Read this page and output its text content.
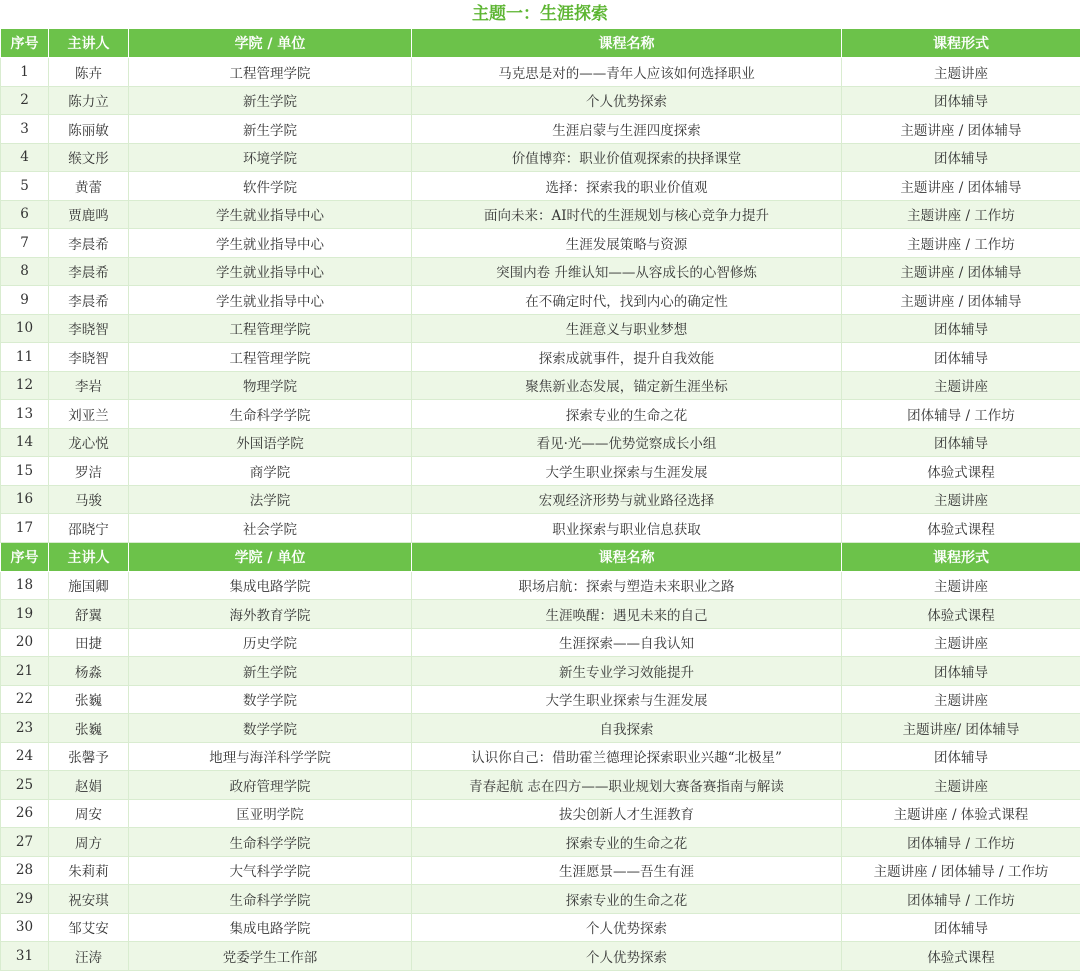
主题一：生涯探索
序号	主讲人	学院 / 单位	课程名称	课程形式
1	陈卉	工程管理学院	马克思是对的——青年人应该如何选择职业	主题讲座
2	陈力立	新生学院	个人优势探索	团体辅导
3	陈丽敏	新生学院	生涯启蒙与生涯四度探索	主题讲座 / 团体辅导
4	缑文彤	环境学院	价值博弈：职业价值观探索的抉择课堂	团体辅导
5	黄蕾	软件学院	选择：探索我的职业价值观	主题讲座 / 团体辅导
6	贾鹿鸣	学生就业指导中心	面向未来：AI时代的生涯规划与核心竞争力提升	主题讲座 / 工作坊
7	李晨希	学生就业指导中心	生涯发展策略与资源	主题讲座 / 工作坊
8	李晨希	学生就业指导中心	突围内卷 升维认知——从容成长的心智修炼	主题讲座 / 团体辅导
9	李晨希	学生就业指导中心	在不确定时代，找到内心的确定性	主题讲座 / 团体辅导
10	李晓智	工程管理学院	生涯意义与职业梦想	团体辅导
11	李晓智	工程管理学院	探索成就事件，提升自我效能	团体辅导
12	李岩	物理学院	聚焦新业态发展，锚定新生涯坐标	主题讲座
13	刘亚兰	生命科学学院	探索专业的生命之花	团体辅导 / 工作坊
14	龙心悦	外国语学院	看见·光——优势觉察成长小组	团体辅导
15	罗洁	商学院	大学生职业探索与生涯发展	体验式课程
16	马骏	法学院	宏观经济形势与就业路径选择	主题讲座
17	邵晓宁	社会学院	职业探索与职业信息获取	体验式课程
序号	主讲人	学院 / 单位	课程名称	课程形式
18	施国卿	集成电路学院	职场启航：探索与塑造未来职业之路	主题讲座
19	舒翼	海外教育学院	生涯唤醒：遇见未来的自己	体验式课程
20	田捷	历史学院	生涯探索——自我认知	主题讲座
21	杨淼	新生学院	新生专业学习效能提升	团体辅导
22	张巍	数学学院	大学生职业探索与生涯发展	主题讲座
23	张巍	数学学院	自我探索	主题讲座/ 团体辅导
24	张馨予	地理与海洋科学学院	认识你自己：借助霍兰德理论探索职业兴趣“北极星”	团体辅导
25	赵娟	政府管理学院	青春起航 志在四方——职业规划大赛备赛指南与解读	主题讲座
26	周安	匡亚明学院	拔尖创新人才生涯教育	主题讲座 / 体验式课程
27	周方	生命科学学院	探索专业的生命之花	团体辅导 / 工作坊
28	朱莉莉	大气科学学院	生涯愿景——吾生有涯	主题讲座 / 团体辅导 / 工作坊
29	祝安琪	生命科学学院	探索专业的生命之花	团体辅导 / 工作坊
30	邹艾安	集成电路学院	个人优势探索	团体辅导
31	汪涛	党委学生工作部	个人优势探索	体验式课程
